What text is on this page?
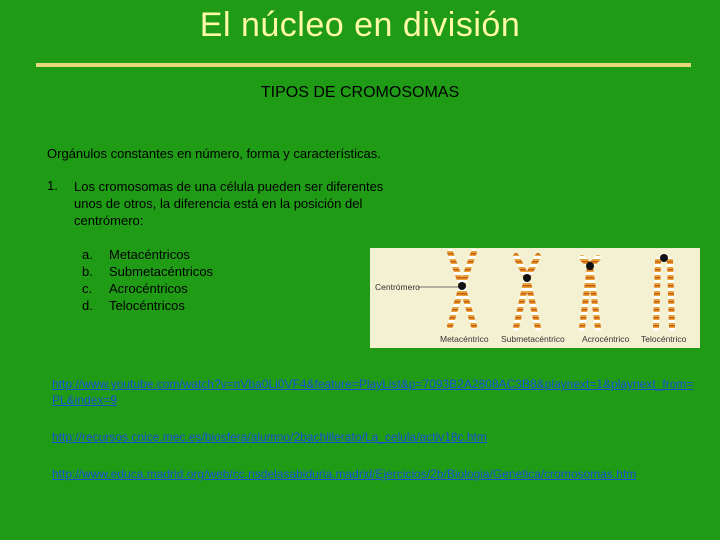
El núcleo en división
TIPOS DE CROMOSOMAS
Orgánulos constantes en número, forma y características.
1. Los cromosomas de una célula pueden ser diferentes unos de otros, la diferencia está en la posición del centrómero:
a.	Metacéntricos
b.	Submetacéntricos
c.	Acrocéntricos
d.	Telocéntricos
Centrómero
Metacéntrico Submetacéntrico Acrocéntrico Telocéntrico
http://www.youtube.com/watch?v=nVba0Li0VF4&feature=PlayList&p=7093B2A2808AC3B8&playnext=1&playnext_from=PL&index=9
http://recursos.cnice.mec.es/biosfera/alumno/2bachillerato/La_celula/activ18c.htm
http://www.educa.madrid.org/web/cc.nsdelasabiduria.madrid/Ejercicios/2b/Biologia/Genetica/cromosomas.htm
